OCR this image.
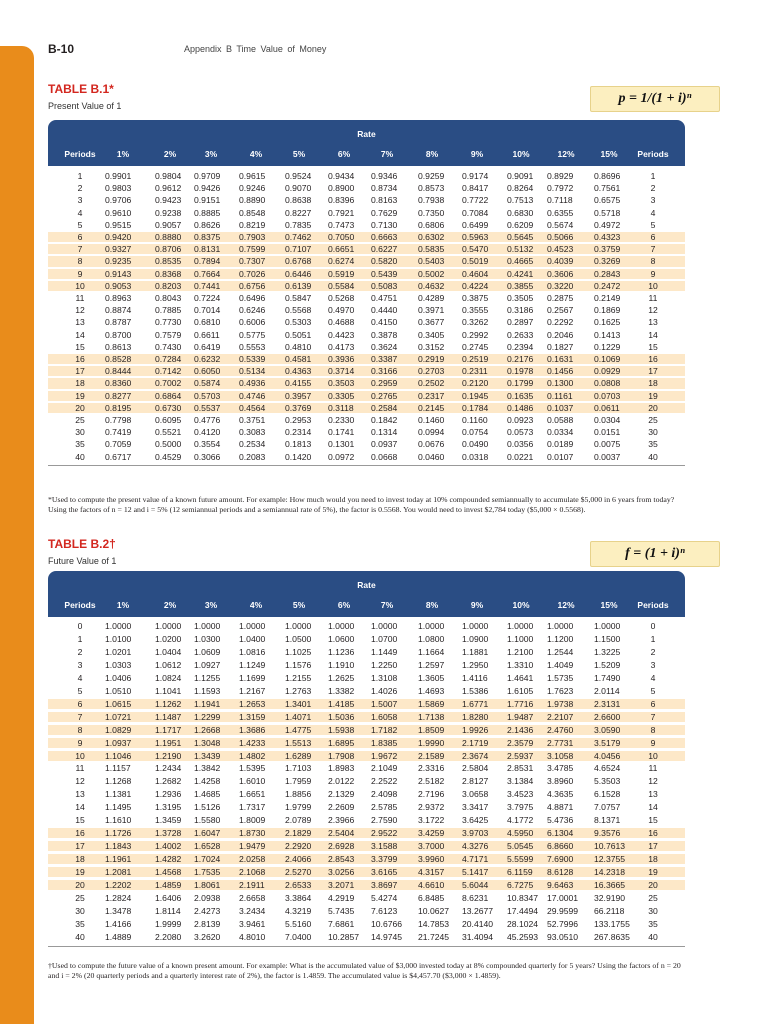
B-10	Appendix B Time Value of Money
TABLE B.1*
Present Value of 1	p = 1/(1 + i)ⁿ
Rate
Periods	1%	2%	3%	4%	5%	6%	7%	8%	9%	10%	12%	15%	Periods
1	0.9901	0.9804 0.9709 0.9615 0.9524 0.9434 0.9346 0.9259 0.9174 0.9091 0.8929 0.8696	1
2	0.9803	0.9612 0.9426 0.9246 0.9070 0.8900 0.8734 0.8573 0.8417 0.8264 0.7972 0.7561	2
3	0.9706	0.9423 0.9151 0.8890 0.8638 0.8396 0.8163 0.7938 0.7722 0.7513 0.7118 0.6575	3
4	0.9610	0.9238 0.8885 0.8548 0.8227 0.7921 0.7629 0.7350 0.7084 0.6830 0.6355 0.5718	4
5	0.9515	0.9057 0.8626 0.8219 0.7835 0.7473 0.7130 0.6806 0.6499 0.6209 0.5674 0.4972	5
6	0.9420	0.8880 0.8375 0.7903 0.7462 0.7050 0.6663 0.6302 0.5963 0.5645 0.5066 0.4323	6
7	0.9327	0.8706 0.8131 0.7599 0.7107 0.6651 0.6227 0.5835 0.5470 0.5132 0.4523 0.3759	7
8	0.9235	0.8535 0.7894 0.7307 0.6768 0.6274 0.5820 0.5403 0.5019 0.4665 0.4039 0.3269	8
9	0.9143	0.8368 0.7664 0.7026 0.6446 0.5919 0.5439 0.5002 0.4604 0.4241 0.3606 0.2843	9
10	0.9053	0.8203 0.7441 0.6756 0.6139 0.5584 0.5083 0.4632 0.4224 0.3855 0.3220 0.2472	10
11	0.8963	0.8043 0.7224 0.6496 0.5847 0.5268 0.4751 0.4289 0.3875 0.3505 0.2875 0.2149	11
12	0.8874	0.7885 0.7014 0.6246 0.5568 0.4970 0.4440 0.3971 0.3555 0.3186 0.2567 0.1869	12
13	0.8787	0.7730 0.6810 0.6006 0.5303 0.4688 0.4150 0.3677 0.3262 0.2897 0.2292 0.1625	13
14	0.8700	0.7579 0.6611 0.5775 0.5051 0.4423 0.3878 0.3405 0.2992 0.2633 0.2046 0.1413	14
15	0.8613	0.7430 0.6419 0.5553 0.4810 0.4173 0.3624 0.3152 0.2745 0.2394 0.1827 0.1229	15
16	0.8528	0.7284 0.6232 0.5339 0.4581 0.3936 0.3387 0.2919 0.2519 0.2176 0.1631 0.1069	16
17	0.8444	0.7142 0.6050 0.5134 0.4363 0.3714 0.3166 0.2703 0.2311 0.1978 0.1456 0.0929	17
18	0.8360	0.7002 0.5874 0.4936 0.4155 0.3503 0.2959 0.2502 0.2120 0.1799 0.1300 0.0808	18
19	0.8277	0.6864 0.5703 0.4746 0.3957 0.3305 0.2765 0.2317 0.1945 0.1635 0.1161 0.0703	19
20	0.8195	0.6730 0.5537 0.4564 0.3769 0.3118 0.2584 0.2145 0.1784 0.1486 0.1037 0.0611	20
25	0.7798	0.6095 0.4776 0.3751 0.2953 0.2330 0.1842 0.1460 0.1160 0.0923 0.0588 0.0304	25
30	0.7419	0.5521 0.4120 0.3083 0.2314 0.1741 0.1314 0.0994 0.0754 0.0573 0.0334 0.0151	30
35	0.7059	0.5000 0.3554 0.2534 0.1813 0.1301 0.0937 0.0676 0.0490 0.0356 0.0189 0.0075	35
40	0.6717	0.4529 0.3066 0.2083 0.1420 0.0972 0.0668 0.0460 0.0318 0.0221 0.0107 0.0037	40
*Used to compute the present value of a known future amount. For example: How much would you need to invest today at 10% compounded semiannually to accumulate $5,000 in 6 years from today? Using the factors of n = 12 and i = 5% (12 semiannual periods and a semiannual rate of 5%), the factor is 0.5568. You would need to invest $2,784 today ($5,000 × 0.5568).
TABLE B.2†
Future Value of 1	f = (1 + i)ⁿ
Rate
Periods	1%	2%	3%	4%	5%	6%	7%	8%	9%	10%	12%	15%	Periods
0	1.0000	1.0000 1.0000 1.0000 1.0000 1.0000 1.0000 1.0000 1.0000 1.0000 1.0000 1.0000	0
1	1.0100	1.0200 1.0300 1.0400 1.0500 1.0600 1.0700 1.0800 1.0900 1.1000 1.1200 1.1500	1
2	1.0201	1.0404 1.0609 1.0816 1.1025 1.1236 1.1449 1.1664 1.1881 1.2100 1.2544 1.3225	2
3	1.0303	1.0612 1.0927 1.1249 1.1576 1.1910 1.2250 1.2597 1.2950 1.3310 1.4049 1.5209	3
4	1.0406	1.0824 1.1255 1.1699 1.2155 1.2625 1.3108 1.3605 1.4116 1.4641 1.5735 1.7490	4
5	1.0510	1.1041 1.1593 1.2167 1.2763 1.3382 1.4026 1.4693 1.5386 1.6105 1.7623 2.0114	5
6	1.0615	1.1262 1.1941 1.2653 1.3401 1.4185 1.5007 1.5869 1.6771 1.7716 1.9738 2.3131	6
7	1.0721	1.1487 1.2299 1.3159 1.4071 1.5036 1.6058 1.7138 1.8280 1.9487 2.2107 2.6600	7
8	1.0829	1.1717 1.2668 1.3686 1.4775 1.5938 1.7182 1.8509 1.9926 2.1436 2.4760 3.0590	8
9	1.0937	1.1951 1.3048 1.4233 1.5513 1.6895 1.8385 1.9990 2.1719 2.3579 2.7731 3.5179	9
10	1.1046	1.2190 1.3439 1.4802 1.6289 1.7908 1.9672 2.1589 2.3674 2.5937 3.1058 4.0456	10
11	1.1157	1.2434 1.3842 1.5395 1.7103 1.8983 2.1049 2.3316 2.5804 2.8531 3.4785 4.6524	11
12	1.1268	1.2682 1.4258 1.6010 1.7959 2.0122 2.2522 2.5182 2.8127 3.1384 3.8960 5.3503	12
13	1.1381	1.2936 1.4685 1.6651 1.8856 2.1329 2.4098 2.7196 3.0658 3.4523 4.3635 6.1528	13
14	1.1495	1.3195 1.5126 1.7317 1.9799 2.2609 2.5785 2.9372 3.3417 3.7975 4.8871 7.0757	14
15	1.1610	1.3459 1.5580 1.8009 2.0789 2.3966 2.7590 3.1722 3.6425 4.1772 5.4736 8.1371	15
16	1.1726	1.3728 1.6047 1.8730 2.1829 2.5404 2.9522 3.4259 3.9703 4.5950 6.1304 9.3576	16
17	1.1843	1.4002 1.6528 1.9479 2.2920 2.6928 3.1588 3.7000 4.3276 5.0545 6.8660 10.7613	17
18	1.1961	1.4282 1.7024 2.0258 2.4066 2.8543 3.3799 3.9960 4.7171 5.5599 7.6900 12.3755	18
19	1.2081	1.4568 1.7535 2.1068 2.5270 3.0256 3.6165 4.3157 5.1417 6.1159 8.6128 14.2318	19
20	1.2202	1.4859 1.8061 2.1911 2.6533 3.2071 3.8697 4.6610 5.6044 6.7275 9.6463 16.3665	20
25	1.2824	1.6406 2.0938 2.6658 3.3864 4.2919 5.4274 6.8485 8.6231 10.8347 17.0001 32.9190	25
30	1.3478	1.8114 2.4273 3.2434 4.3219 5.7435 7.6123 10.0627 13.2677 17.4494 29.9599 66.2118	30
35	1.4166	1.9999 2.8139 3.9461 5.5160 7.6861 10.6766 14.7853 20.4140 28.1024 52.7996 133.1755	35
40	1.4889	2.2080 3.2620 4.8010 7.0400 10.2857 14.9745 21.7245 31.4094 45.2593 93.0510 267.8635	40
†Used to compute the future value of a known present amount. For example: What is the accumulated value of $3,000 invested today at 8% compounded quarterly for 5 years? Using the factors of n = 20 and i = 2% (20 quarterly periods and a quarterly interest rate of 2%), the factor is 1.4859. The accumulated value is $4,457.70 ($3,000 × 1.4859).
